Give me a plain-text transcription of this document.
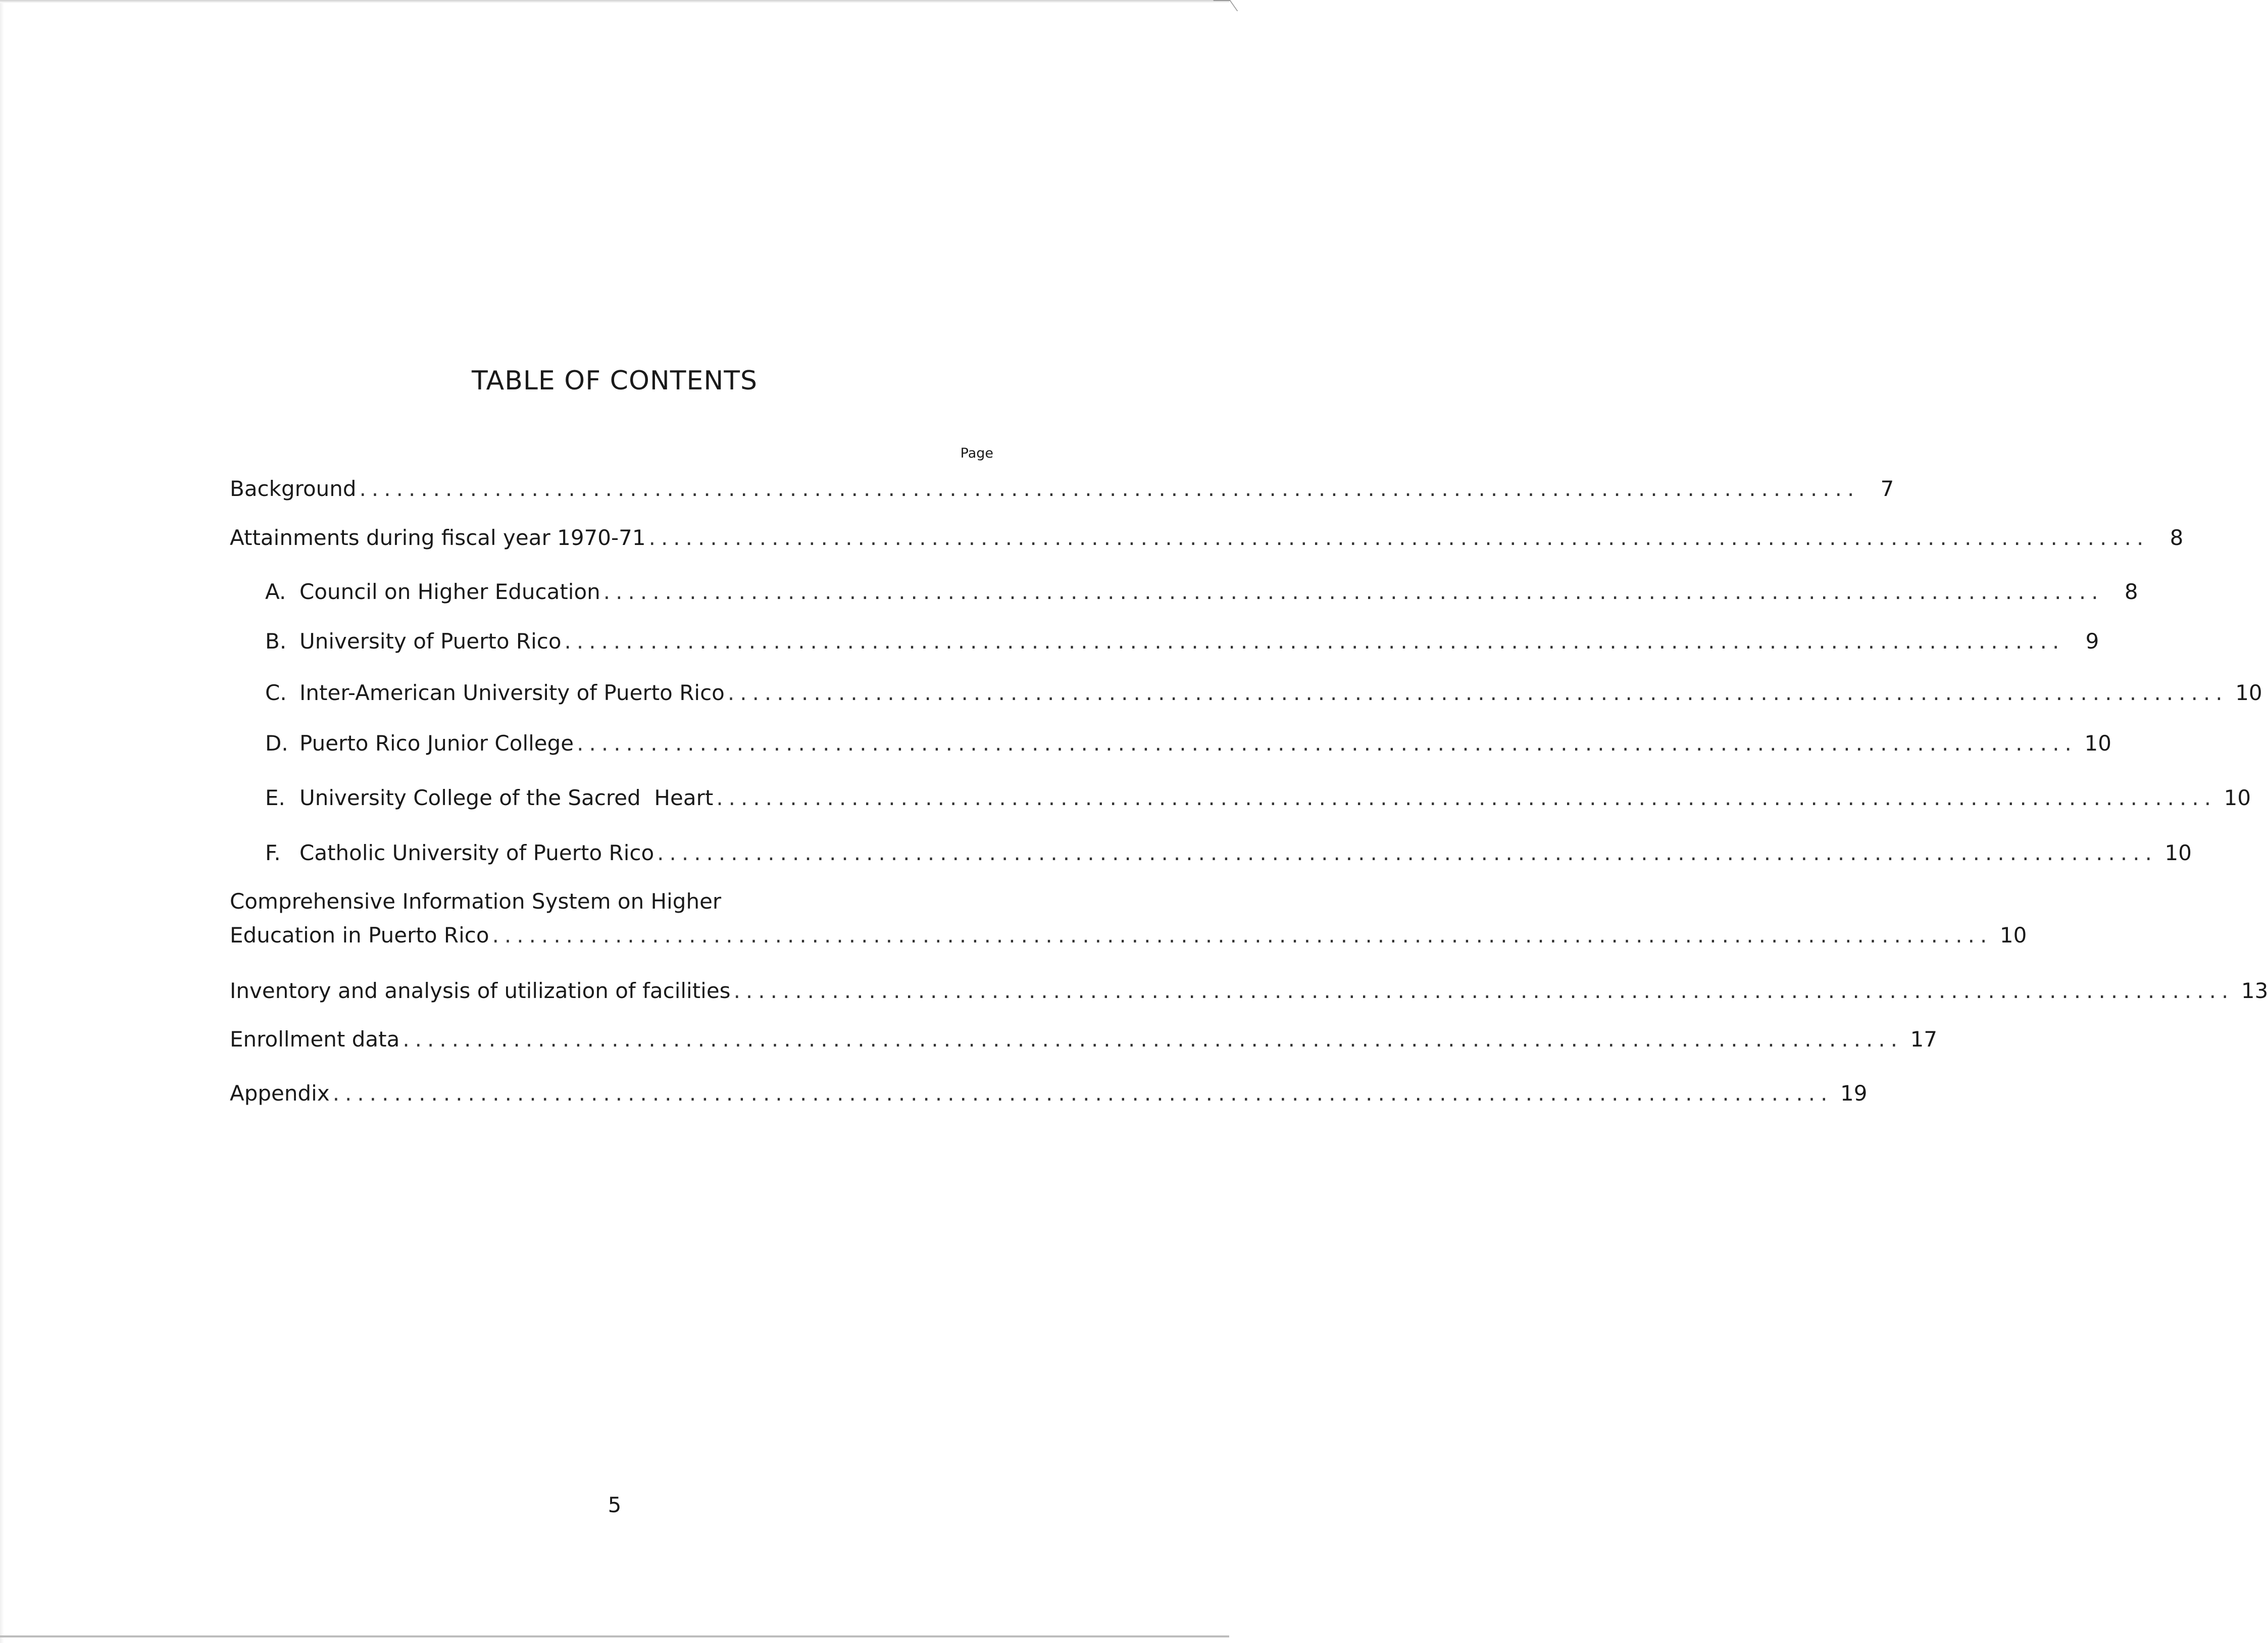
TABLE OF CONTENTS
Page
Background .......................................................................................................................... 7
Attainments during fiscal year 1970-71 .......................................................................................................................... 8
A. Council on Higher Education .......................................................................................................................... 8
B. University of Puerto Rico .......................................................................................................................... 9
C. Inter-American University of Puerto Rico .......................................................................................................................... 10
D. Puerto Rico Junior College .......................................................................................................................... 10
E. University College of the Sacred  Heart .......................................................................................................................... 10
F. Catholic University of Puerto Rico .......................................................................................................................... 10
Comprehensive Information System on Higher
Education in Puerto Rico .......................................................................................................................... 10
Inventory and analysis of utilization of facilities .......................................................................................................................... 13
Enrollment data .......................................................................................................................... 17
Appendix .......................................................................................................................... 19
5
